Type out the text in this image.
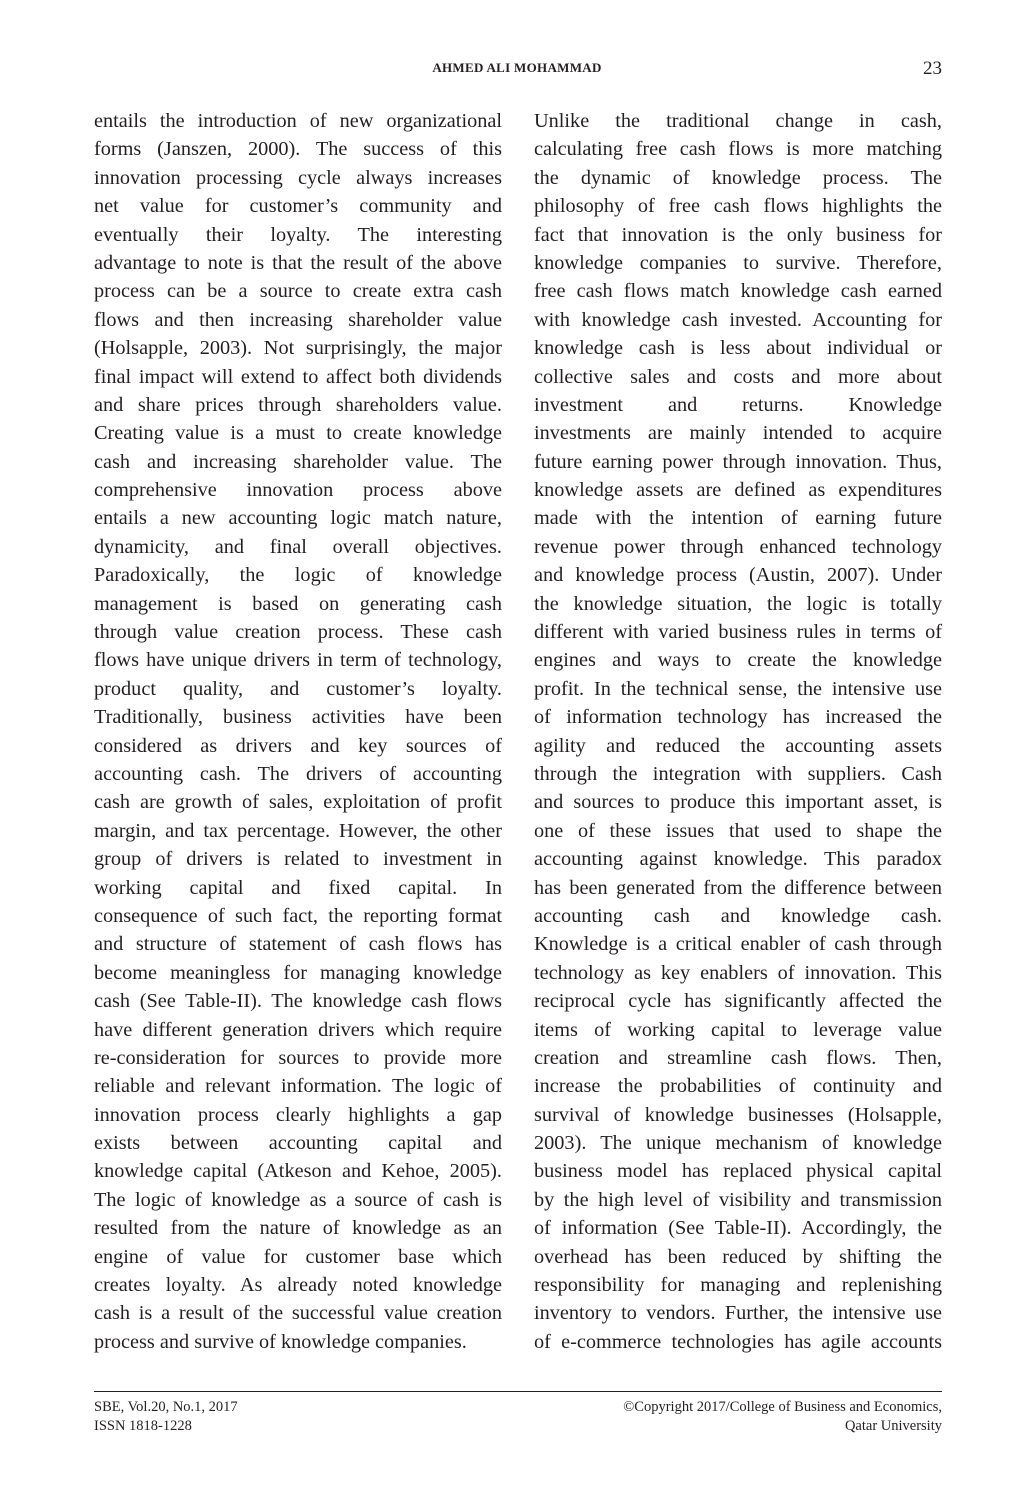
AHMED ALI MOHAMMAD	23
entails the introduction of new organizational
forms (Janszen, 2000). The success of this
innovation processing cycle always increases
net value for customer’s community and
eventually their loyalty. The interesting
advantage to note is that the result of the above
process can be a source to create extra cash
flows and then increasing shareholder value
(Holsapple, 2003). Not surprisingly, the major
final impact will extend to affect both dividends
and share prices through shareholders value.
Creating value is a must to create knowledge
cash and increasing shareholder value. The
comprehensive innovation process above
entails a new accounting logic match nature,
dynamicity, and final overall objectives.
Paradoxically, the logic of knowledge
management is based on generating cash
through value creation process. These cash
flows have unique drivers in term of technology,
product quality, and customer’s loyalty.
Traditionally, business activities have been
considered as drivers and key sources of
accounting cash. The drivers of accounting
cash are growth of sales, exploitation of profit
margin, and tax percentage. However, the other
group of drivers is related to investment in
working capital and fixed capital. In
consequence of such fact, the reporting format
and structure of statement of cash flows has
become meaningless for managing knowledge
cash (See Table-II). The knowledge cash flows
have different generation drivers which require
re-consideration for sources to provide more
reliable and relevant information. The logic of
innovation process clearly highlights a gap
exists between accounting capital and
knowledge capital (Atkeson and Kehoe, 2005).
The logic of knowledge as a source of cash is
resulted from the nature of knowledge as an
engine of value for customer base which
creates loyalty. As already noted knowledge
cash is a result of the successful value creation
process and survive of knowledge companies.
Unlike the traditional change in cash,
calculating free cash flows is more matching
the dynamic of knowledge process. The
philosophy of free cash flows highlights the
fact that innovation is the only business for
knowledge companies to survive. Therefore,
free cash flows match knowledge cash earned
with knowledge cash invested. Accounting for
knowledge cash is less about individual or
collective sales and costs and more about
investment and returns. Knowledge
investments are mainly intended to acquire
future earning power through innovation. Thus,
knowledge assets are defined as expenditures
made with the intention of earning future
revenue power through enhanced technology
and knowledge process (Austin, 2007). Under
the knowledge situation, the logic is totally
different with varied business rules in terms of
engines and ways to create the knowledge
profit. In the technical sense, the intensive use
of information technology has increased the
agility and reduced the accounting assets
through the integration with suppliers. Cash
and sources to produce this important asset, is
one of these issues that used to shape the
accounting against knowledge. This paradox
has been generated from the difference between
accounting cash and knowledge cash.
Knowledge is a critical enabler of cash through
technology as key enablers of innovation. This
reciprocal cycle has significantly affected the
items of working capital to leverage value
creation and streamline cash flows. Then,
increase the probabilities of continuity and
survival of knowledge businesses (Holsapple,
2003). The unique mechanism of knowledge
business model has replaced physical capital
by the high level of visibility and transmission
of information (See Table-II). Accordingly, the
overhead has been reduced by shifting the
responsibility for managing and replenishing
inventory to vendors. Further, the intensive use
of e-commerce technologies has agile accounts
SBE, Vol.20, No.1, 2017
ISSN 1818-1228
©Copyright 2017/College of Business and Economics,
Qatar University
